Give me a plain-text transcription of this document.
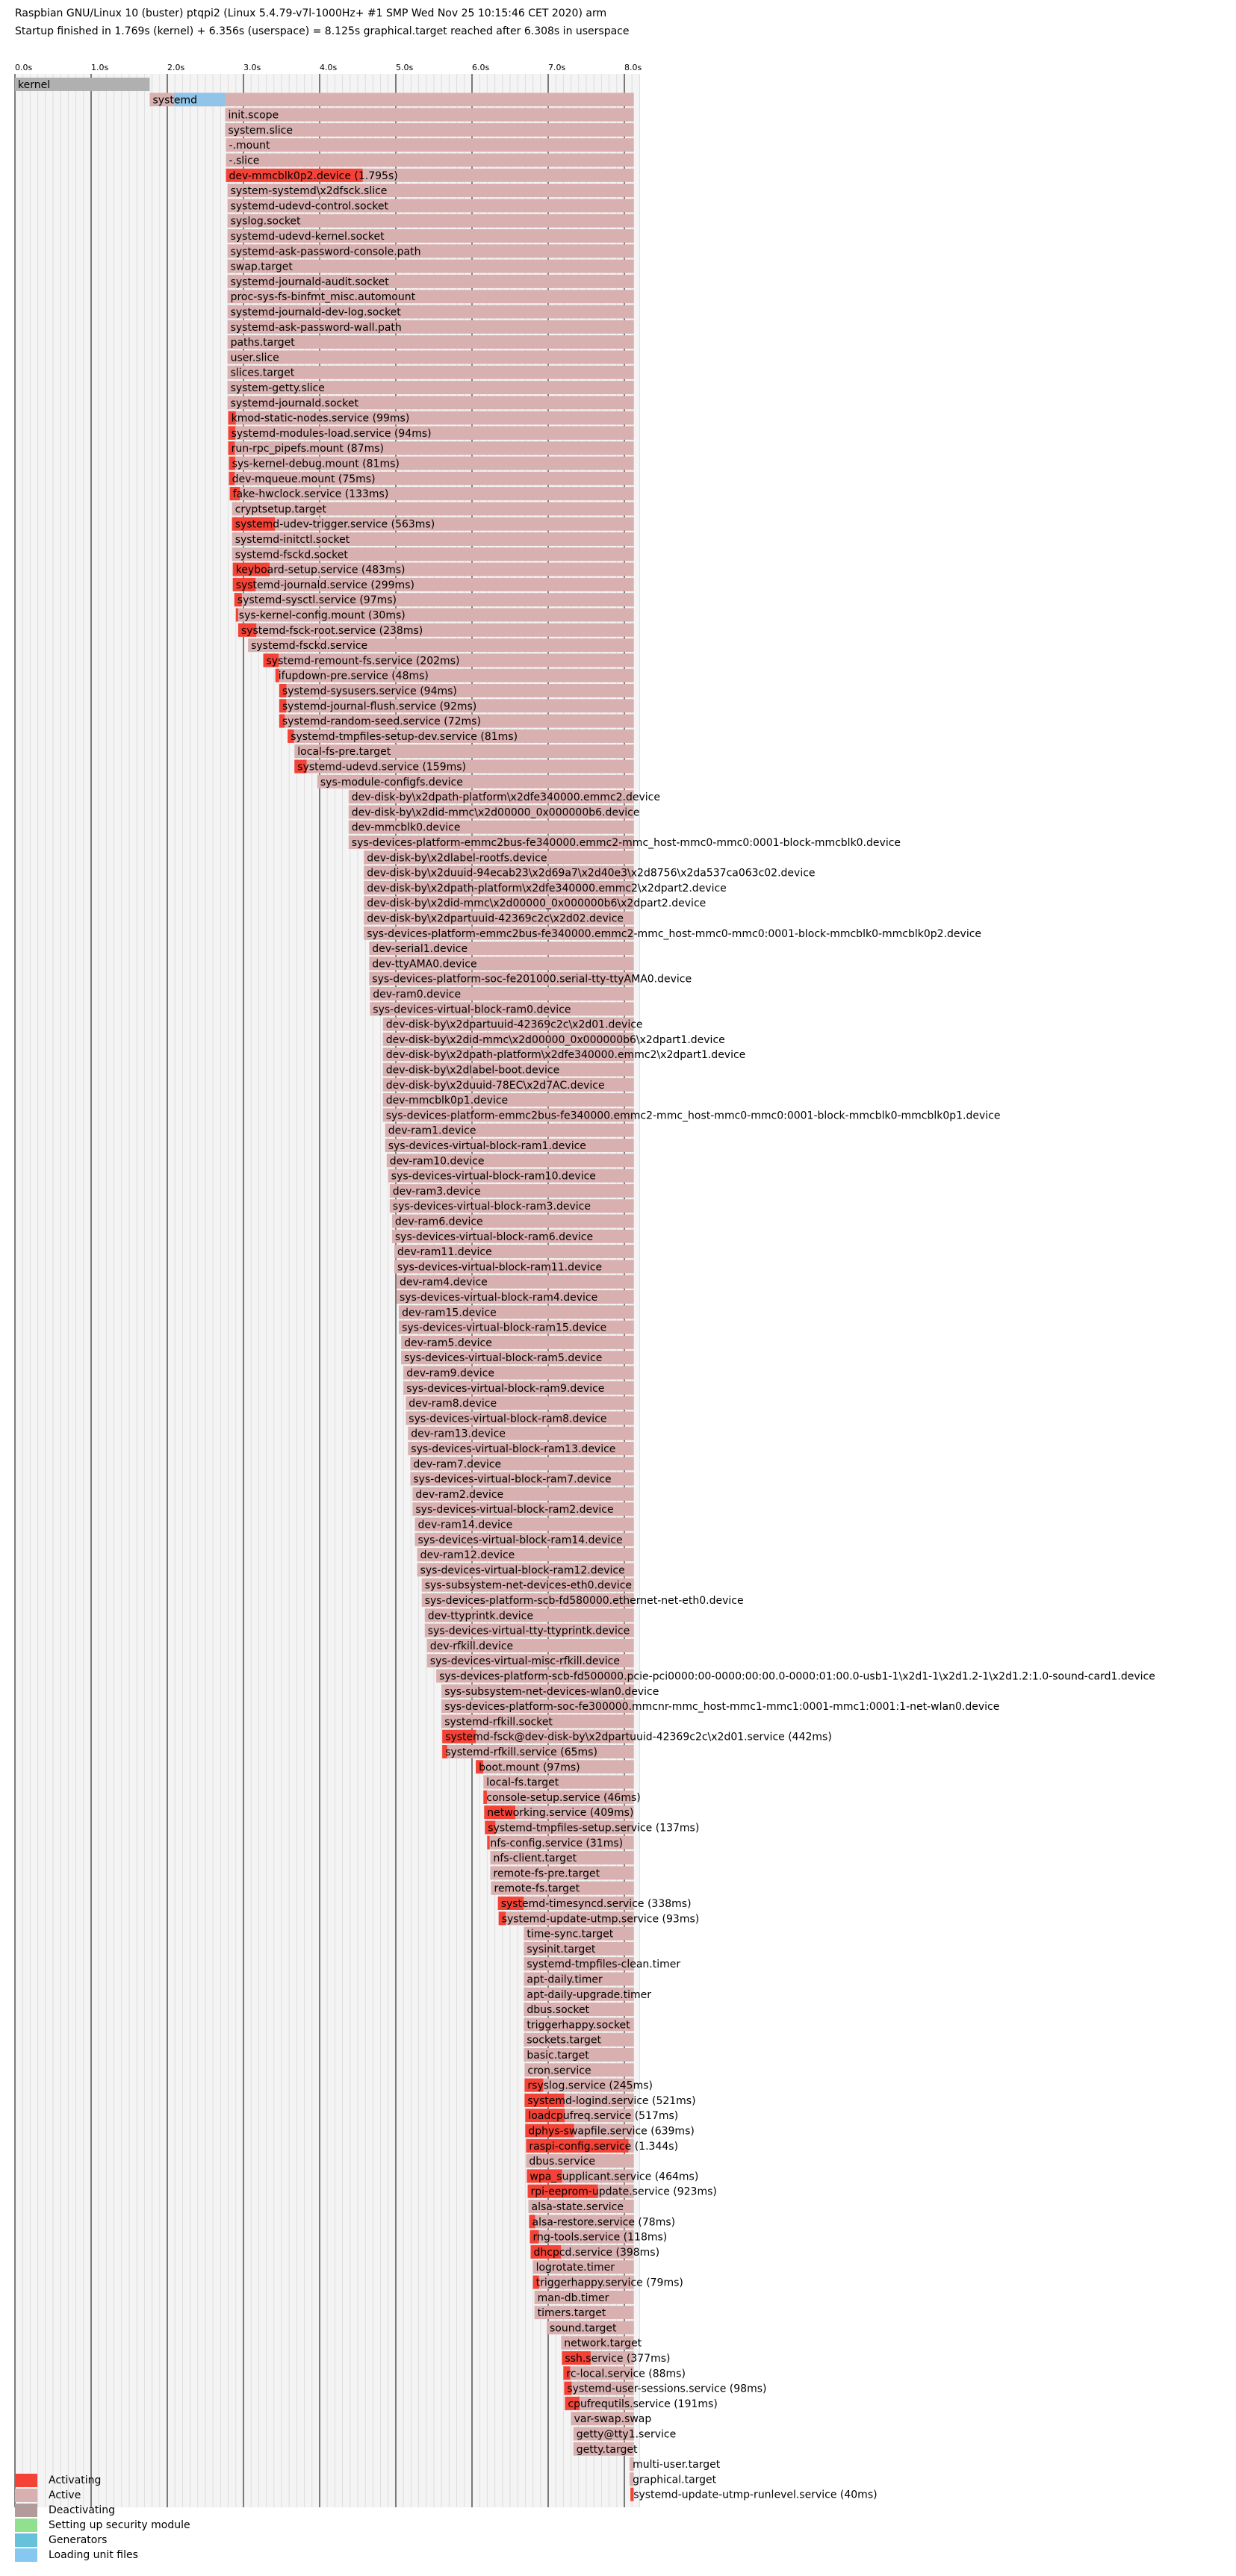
Raspbian GNU/Linux 10 (buster) ptqpi2 (Linux 5.4.79-v7l-1000Hz+ #1 SMP Wed Nov 25 10:15:46 CET 2020) arm
Startup finished in 1.769s (kernel) + 6.356s (userspace) = 8.125s graphical.target reached after 6.308s in userspace
0.0s	1.0s	2.0s	3.0s	4.0s	5.0s	6.0s	7.0s	8.0s
kernel
systemd
init.scope
system.slice
-.mount
-.slice
dev-mmcblk0p2.device (1.795s)
system-systemd\x2dfsck.slice
systemd-udevd-control.socket
syslog.socket
systemd-udevd-kernel.socket
systemd-ask-password-console.path
swap.target
systemd-journald-audit.socket
proc-sys-fs-binfmt_misc.automount
systemd-journald-dev-log.socket
systemd-ask-password-wall.path
paths.target
user.slice
slices.target
system-getty.slice
systemd-journald.socket
kmod-static-nodes.service (99ms)
systemd-modules-load.service (94ms)
run-rpc_pipefs.mount (87ms)
sys-kernel-debug.mount (81ms)
dev-mqueue.mount (75ms)
fake-hwclock.service (133ms)
cryptsetup.target
systemd-udev-trigger.service (563ms)
systemd-initctl.socket
systemd-fsckd.socket
keyboard-setup.service (483ms)
systemd-journald.service (299ms)
systemd-sysctl.service (97ms)
sys-kernel-config.mount (30ms)
systemd-fsck-root.service (238ms)
systemd-fsckd.service
systemd-remount-fs.service (202ms)
ifupdown-pre.service (48ms)
systemd-sysusers.service (94ms)
systemd-journal-flush.service (92ms)
systemd-random-seed.service (72ms)
systemd-tmpfiles-setup-dev.service (81ms)
local-fs-pre.target
systemd-udevd.service (159ms)
sys-module-configfs.device
dev-disk-by\x2dpath-platform\x2dfe340000.emmc2.device
dev-disk-by\x2did-mmc\x2d00000_0x000000b6.device
dev-mmcblk0.device
sys-devices-platform-emmc2bus-fe340000.emmc2-mmc_host-mmc0-mmc0:0001-block-mmcblk0.device
dev-disk-by\x2dlabel-rootfs.device
dev-disk-by\x2duuid-94ecab23\x2d69a7\x2d40e3\x2d8756\x2da537ca063c02.device
dev-disk-by\x2dpath-platform\x2dfe340000.emmc2\x2dpart2.device
dev-disk-by\x2did-mmc\x2d00000_0x000000b6\x2dpart2.device
dev-disk-by\x2dpartuuid-42369c2c\x2d02.device
sys-devices-platform-emmc2bus-fe340000.emmc2-mmc_host-mmc0-mmc0:0001-block-mmcblk0-mmcblk0p2.device
dev-serial1.device
dev-ttyAMA0.device
sys-devices-platform-soc-fe201000.serial-tty-ttyAMA0.device
dev-ram0.device
sys-devices-virtual-block-ram0.device
dev-disk-by\x2dpartuuid-42369c2c\x2d01.device
dev-disk-by\x2did-mmc\x2d00000_0x000000b6\x2dpart1.device
dev-disk-by\x2dpath-platform\x2dfe340000.emmc2\x2dpart1.device
dev-disk-by\x2dlabel-boot.device
dev-disk-by\x2duuid-78EC\x2d7AC.device
dev-mmcblk0p1.device
sys-devices-platform-emmc2bus-fe340000.emmc2-mmc_host-mmc0-mmc0:0001-block-mmcblk0-mmcblk0p1.device
dev-ram1.device
sys-devices-virtual-block-ram1.device
dev-ram10.device
sys-devices-virtual-block-ram10.device
dev-ram3.device
sys-devices-virtual-block-ram3.device
dev-ram6.device
sys-devices-virtual-block-ram6.device
dev-ram11.device
sys-devices-virtual-block-ram11.device
dev-ram4.device
sys-devices-virtual-block-ram4.device
dev-ram15.device
sys-devices-virtual-block-ram15.device
dev-ram5.device
sys-devices-virtual-block-ram5.device
dev-ram9.device
sys-devices-virtual-block-ram9.device
dev-ram8.device
sys-devices-virtual-block-ram8.device
dev-ram13.device
sys-devices-virtual-block-ram13.device
dev-ram7.device
sys-devices-virtual-block-ram7.device
dev-ram2.device
sys-devices-virtual-block-ram2.device
dev-ram14.device
sys-devices-virtual-block-ram14.device
dev-ram12.device
sys-devices-virtual-block-ram12.device
sys-subsystem-net-devices-eth0.device
sys-devices-platform-scb-fd580000.ethernet-net-eth0.device
dev-ttyprintk.device
sys-devices-virtual-tty-ttyprintk.device
dev-rfkill.device
sys-devices-virtual-misc-rfkill.device
sys-devices-platform-scb-fd500000.pcie-pci0000:00-0000:00:00.0-0000:01:00.0-usb1-1\x2d1-1\x2d1.2-1\x2d1.2:1.0-sound-card1.device
sys-subsystem-net-devices-wlan0.device
sys-devices-platform-soc-fe300000.mmcnr-mmc_host-mmc1-mmc1:0001-mmc1:0001:1-net-wlan0.device
systemd-rfkill.socket
systemd-fsck@dev-disk-by\x2dpartuuid-42369c2c\x2d01.service (442ms)
systemd-rfkill.service (65ms)
boot.mount (97ms)
local-fs.target
console-setup.service (46ms)
networking.service (409ms)
systemd-tmpfiles-setup.service (137ms)
nfs-config.service (31ms)
nfs-client.target
remote-fs-pre.target
remote-fs.target
systemd-timesyncd.service (338ms)
systemd-update-utmp.service (93ms)
time-sync.target
sysinit.target
systemd-tmpfiles-clean.timer
apt-daily.timer
apt-daily-upgrade.timer
dbus.socket
triggerhappy.socket
sockets.target
basic.target
cron.service
rsyslog.service (245ms)
systemd-logind.service (521ms)
loadcpufreq.service (517ms)
dphys-swapfile.service (639ms)
raspi-config.service (1.344s)
dbus.service
wpa_supplicant.service (464ms)
rpi-eeprom-update.service (923ms)
alsa-state.service
alsa-restore.service (78ms)
rng-tools.service (118ms)
dhcpcd.service (398ms)
logrotate.timer
triggerhappy.service (79ms)
man-db.timer
timers.target
sound.target
network.target
ssh.service (377ms)
rc-local.service (88ms)
systemd-user-sessions.service (98ms)
cpufrequtils.service (191ms)
var-swap.swap
getty@tty1.service
getty.target
multi-user.target
graphical.target
systemd-update-utmp-runlevel.service (40ms)
Activating
Active
Deactivating
Setting up security module
Generators
Loading unit files
